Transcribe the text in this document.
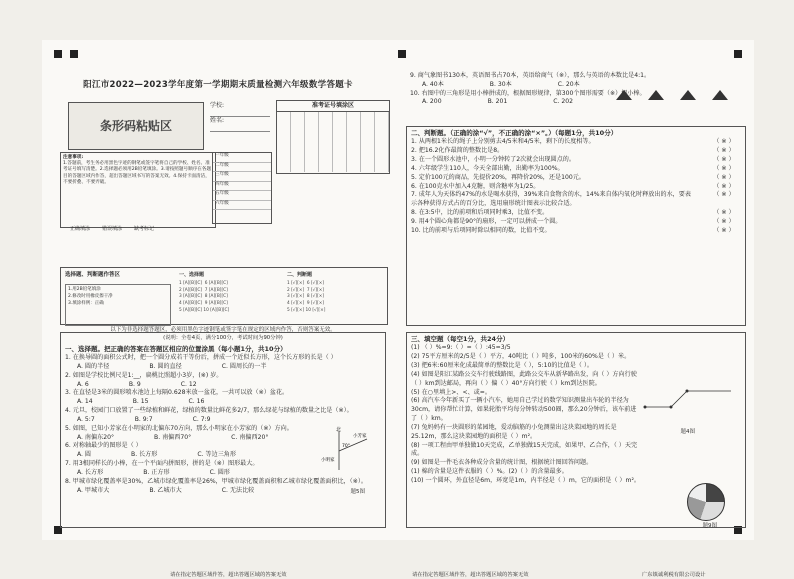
阳江市2022—2023学年度第一学期期末质量检测六年级数学答题卡
条形码粘贴区
学校:
姓名:
准考证号填涂区
注意事项:
1.答题前，考生务必用黑色字迹的钢笔或签字笔将自己的学校、姓名、准考证号填写清楚。2.选择题必须用2B铅笔填涂。3.请按照题号顺序在各题目的答题区域内作答，超出答题区域书写的答案无效。4.保持卡面清洁，不要折叠、不要弄破。
一年级
二年级
三年级
四年级
五年级
六年级
正确填涂 错误填涂 缺考标记
选择题、判断题作答区
1.用2B铅笔填涂
2.修改时用橡皮擦干净
3.填涂样例：正确
一、选择题
1 [A][B][C]  6 [A][B][C]
2 [A][B][C]  7 [A][B][C]
3 [A][B][C]  8 [A][B][C]
4 [A][B][C]  9 [A][B][C]
5 [A][B][C] 10 [A][B][C]
二、判断题
1 [√][×]  6 [√][×]
2 [√][×]  7 [√][×]
3 [√][×]  8 [√][×]
4 [√][×]  9 [√][×]
5 [√][×] 10 [√][×]
以下为非选择题答题区，必须用黑色字迹钢笔或签字笔在规定的区域内作答，否则答案无效。
(说明：全卷4页，满分100分，考试时间为90分钟)
一、选择题。把正确的答案在答题区相应的位置涂黑（每小题1分，共10分）
1. 在换导圆的面积公式时，把一个圆分成若干等份后，拼成一个近似长方形，这个长方形的长是（ ）
A. 圆的半径	B. 圆的直径	C. 圆周长的一半
2. 如图是学校比例尺是1:__，扁桃比照超小3岁，(※) 岁。
A. 6	B. 9	C. 12
3. 在直径是3米的圆形喷水池边上每隔0.628米放一盆花，一共可以放（※）盆花。
A. 14	B. 15	C. 16
4. 元旦，校园门口放置了一些绿植和鲜花，绿植的数量比鲜花多2/7，那么绿花与绿植的数量之比是（※）。
A. 5:7	B. 9:7	C. 7:9
5. 如图，已知小芳家在小明家的北偏东70方向，那么小明家在小芳家的（※）方向。
A. 南偏东20°	B. 南偏西70°	C. 南偏西20°
6. 对称轴最少的图形是（ ）
A. 圆	B. 长方形	C. 等边三角形
7. 用3根同样长的小棒，在一个平面内拼图形，拼的是（※）图形最大。
A. 长方形	B. 正方形	C. 圆形
8. 甲城市绿化覆盖率是30%，乙城市绿化覆盖率是26%，甲城市绿化覆盖面积和乙城市绿化覆盖面积比，（※）。
A. 甲城市大	B. 乙城市大	C. 无法比较
北
小芳家
小明家
70°
题5图
请在指定答题区域作答，超出答题区域的答案无效
9. 商气象图书130本，英语图书占70本，英语给商气（※），那么与英语的本数比是4:1。
A. 40本	B. 30本	C. 20本
10. 右图中的三角形是用小棒拼成的，根据图形规律，第300个图形需要（※）根小棒。
A. 200	B. 201	C. 202
二、判断题。（正确的涂“√”，不正确的涂“×”。）（每题1分，共10分）
1. 从两根1米长的绳子上分别剪去4/5米和4/5米，剩下的长度相等。	（ ※ ）
2. 把16.2化作最简的整数比是8。	（ ※ ）
3. 在一个圆形水池中，小明一分钟转了2次就会出现圆点的。	（ ※ ）
4. 六年级学生110人，今天全部出勤，出勤率为100%。	（ ※ ）
5. 定价100元的商品，先提价20%，再降价20%，还是100元。	（ ※ ）
6. 在100克水中加入4克糖，则含糖率为1/25。	（ ※ ）
7. 成年人为天体约47%的水是喝水获得，39%来自食物含的水，14%来自体内氧化时释放出的水，要表示各种获得方式占的百分比，选用扇形统计图表示比较合适。
（ ※ ）
8. 在3:5中，比的前项和后项同时乘3，比值不变。	（ ※ ）
9. 用4个圆心角都是90°的扇形，一定可以拼成一个圆。	（ ※ ）
10. 比的前项与后项同时除以相同的数，比值不变。	（ ※ ）
三、填空题（每空1分，共24分）
(1) （ ）%=9:（ ）=（ ）:45=3/5
(2) 75平方厘米的2/5是（ ）平方，40吨比（ ）吨多，100米的60%是（ ）米。
(3) 把6米:60厘米化成最简单的整数比是（ ），5:10的比值是（ ）。
(4) 如图是阳江某路公交车行驶线路图，此路公交车从新华路出发，向（ ）方向行驶（ ）km到达邮局，再向（ ）偏（ ）40°方向行驶（ ）km到达医院。
(5) 在○里填上>、<、或=。
(6) 高汽车今年新买了一辆小汽车，她用自己学过的数学知识测量出车轮的半径为30cm，请你帮忙计算，如果轮胎平均每分钟转动500圈，那么20分钟后，该车前进了（ ）km。
(7) 兔妈妈有一块圆形的菜园地，爱动脑筋的小兔测量出这块菜园地的周长是25.12m，那么这块菜园地的面积是（ ）m²。
(8) 一项工程由甲单独做10天完成，乙单独做15天完成，如果甲、乙合作，（ ）天完成。
(9) 如图是一件毛衣各种成分含量的统计图，根据统计图回答问题。
(1) 棉的含量是这件衣服的（ ）%。(2)（ ）的含量最多。
(10) 一个圆环，外直径是6m，环宽是1m，内半径是（ ）m，它的面积是（ ）m²。
题4图
题9图
请在指定答题区域作答，超出答题区域的答案无效	广东镇诚利税有限公司设计
